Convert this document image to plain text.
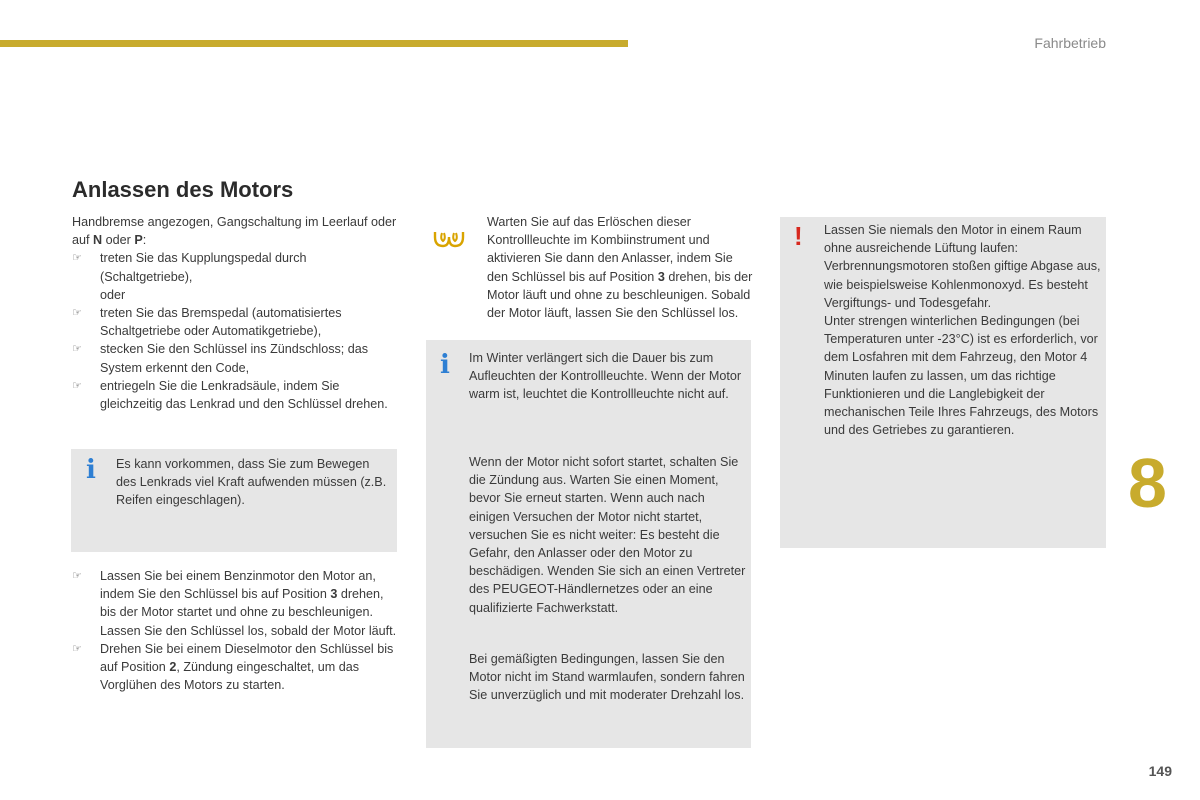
Fahrbetrieb
Anlassen des Motors

Handbremse angezogen, Gangschaltung im Leerlauf oder auf N oder P:

☞ treten Sie das Kupplungspedal durch (Schaltgetriebe),
oder
☞ treten Sie das Bremspedal (automatisiertes Schaltgetriebe oder Automatikgetriebe),
☞ stecken Sie den Schlüssel ins Zündschloss; das System erkennt den Code,
☞ entriegeln Sie die Lenkradsäule, indem Sie gleichzeitig das Lenkrad und den Schlüssel drehen.
i Es kann vorkommen, dass Sie zum Bewegen des Lenkrads viel Kraft aufwenden müssen (z.B. Reifen eingeschlagen).

☞ Lassen Sie bei einem Benzinmotor den Motor an, indem Sie den Schlüssel bis auf Position 3 drehen, bis der Motor startet und ohne zu beschleunigen. Lassen Sie den Schlüssel los, sobald der Motor läuft.
☞ Drehen Sie bei einem Dieselmotor den Schlüssel bis auf Position 2, Zündung eingeschaltet, um das Vorglühen des Motors zu starten.

Warten Sie auf das Erlöschen dieser Kontrollleuchte im Kombiinstrument und aktivieren Sie dann den Anlasser, indem Sie den Schlüssel bis auf Position 3 drehen, bis der Motor läuft und ohne zu beschleunigen. Sobald der Motor läuft, lassen Sie den Schlüssel los.

i Im Winter verlängert sich die Dauer bis zum Aufleuchten der Kontrollleuchte. Wenn der Motor warm ist, leuchtet die Kontrollleuchte nicht auf.

Wenn der Motor nicht sofort startet, schalten Sie die Zündung aus. Warten Sie einen Moment, bevor Sie erneut starten. Wenn auch nach einigen Versuchen der Motor nicht startet, versuchen Sie es nicht weiter: Es besteht die Gefahr, den Anlasser oder den Motor zu beschädigen. Wenden Sie sich an einen Vertreter des PEUGEOT-Händlernetzes oder an eine qualifizierte Fachwerkstatt.

Bei gemäßigten Bedingungen, lassen Sie den Motor nicht im Stand warmlaufen, sondern fahren Sie unverzüglich und mit moderater Drehzahl los.

! Lassen Sie niemals den Motor in einem Raum ohne ausreichende Lüftung laufen: Verbrennungsmotoren stoßen giftige Abgase aus, wie beispielsweise Kohlenmonoxyd. Es besteht Vergiftungs- und Todesgefahr.

Unter strengen winterlichen Bedingungen (bei Temperaturen unter -23°C) ist es erforderlich, vor dem Losfahren mit dem Fahrzeug, den Motor 4 Minuten laufen zu lassen, um das richtige Funktionieren und die Langlebigkeit der mechanischen Teile Ihres Fahrzeugs, des Motors und des Getriebes zu garantieren.

8
149
